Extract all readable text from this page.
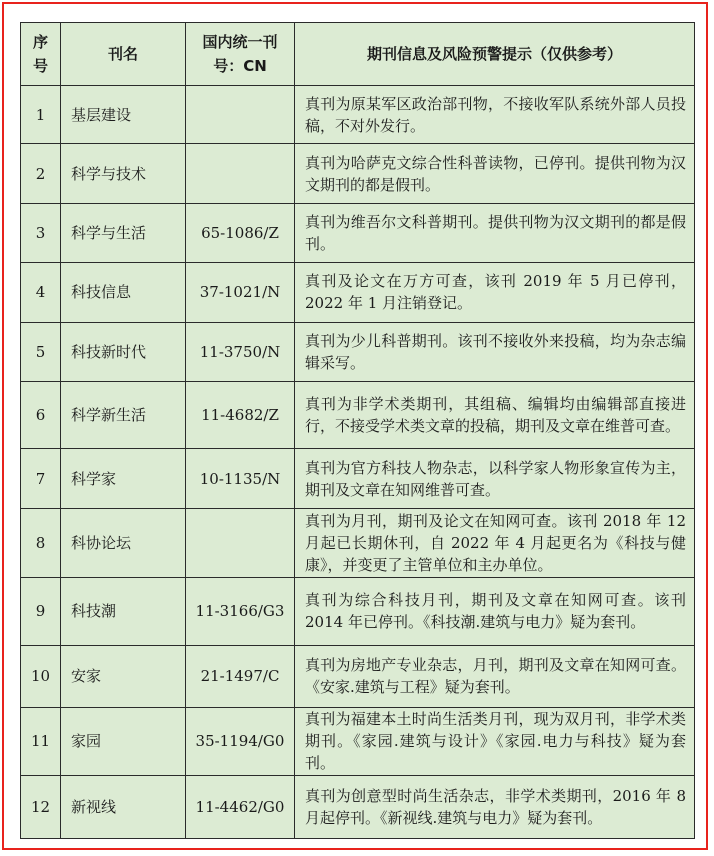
序号	刊名	国内统一刊号：CN	期刊信息及风险预警提示（仅供参考）
1	基层建设		真刊为原某军区政治部刊物，不接收军队系统外部人员投稿，不对外发行。
2	科学与技术		真刊为哈萨克文综合性科普读物，已停刊。提供刊物为汉文期刊的都是假刊。
3	科学与生活	65-1086/Z	真刊为维吾尔文科普期刊。提供刊物为汉文期刊的都是假刊。
4	科技信息	37-1021/N	真刊及论文在万方可查，该刊 2019 年 5 月已停刊，2022 年 1 月注销登记。
5	科技新时代	11-3750/N	真刊为少儿科普期刊。该刊不接收外来投稿，均为杂志编辑采写。
6	科学新生活	11-4682/Z	真刊为非学术类期刊，其组稿、编辑均由编辑部直接进行，不接受学术类文章的投稿，期刊及文章在维普可查。
7	科学家	10-1135/N	真刊为官方科技人物杂志，以科学家人物形象宣传为主，期刊及文章在知网维普可查。
8	科协论坛		真刊为月刊，期刊及论文在知网可查。该刊 2018 年 12 月起已长期休刊，自 2022 年 4 月起更名为《科技与健康》，并变更了主管单位和主办单位。
9	科技潮	11-3166/G3	真刊为综合科技月刊，期刊及文章在知网可查。该刊 2014 年已停刊。《科技潮.建筑与电力》疑为套刊。
10	安家	21-1497/C	真刊为房地产专业杂志，月刊，期刊及文章在知网可查。《安家.建筑与工程》疑为套刊。
11	家园	35-1194/G0	真刊为福建本土时尚生活类月刊，现为双月刊，非学术类期刊。《家园.建筑与设计》《家园.电力与科技》疑为套刊。
12	新视线	11-4462/G0	真刊为创意型时尚生活杂志，非学术类期刊，2016 年 8 月起停刊。《新视线.建筑与电力》疑为套刊。
